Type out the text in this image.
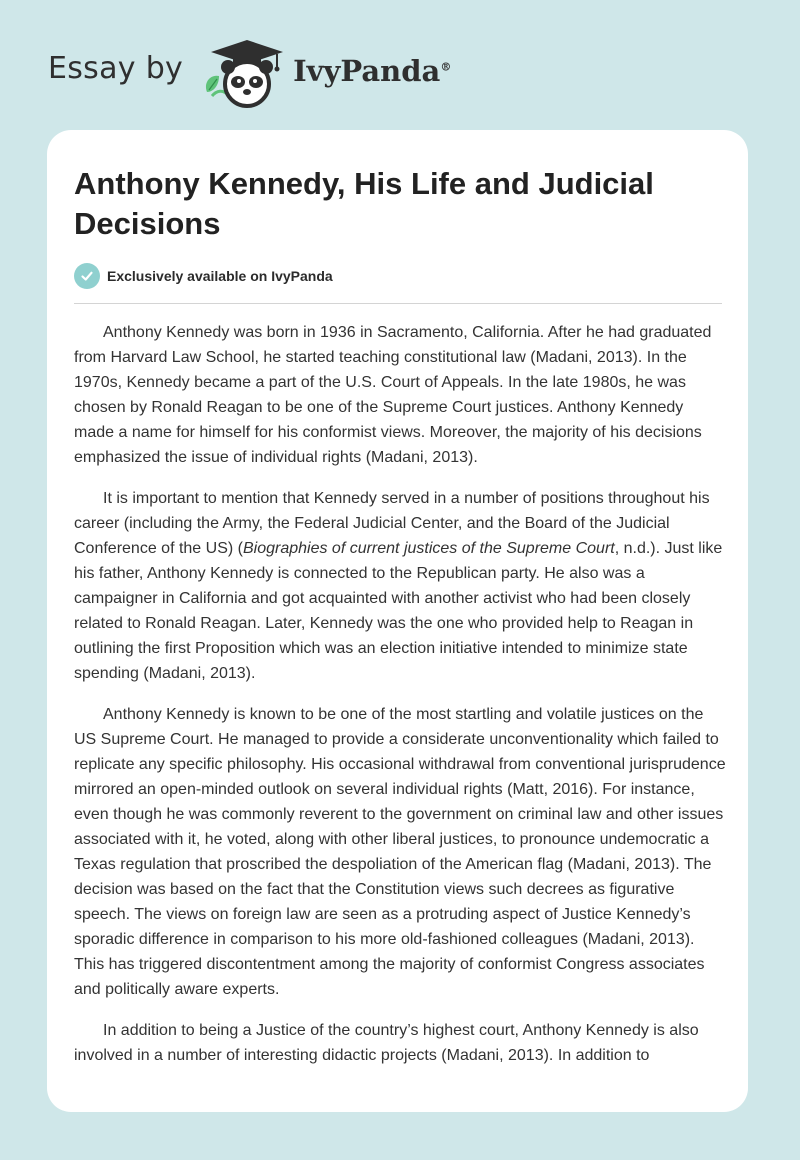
Essay by	IvyPanda®
Anthony Kennedy, His Life and Judicial Decisions
Exclusively available on IvyPanda

Anthony Kennedy was born in 1936 in Sacramento, California. After he had graduated from Harvard Law School, he started teaching constitutional law (Madani, 2013). In the 1970s, Kennedy became a part of the U.S. Court of Appeals. In the late 1980s, he was chosen by Ronald Reagan to be one of the Supreme Court justices. Anthony Kennedy made a name for himself for his conformist views. Moreover, the majority of his decisions emphasized the issue of individual rights (Madani, 2013).

It is important to mention that Kennedy served in a number of positions throughout his career (including the Army, the Federal Judicial Center, and the Board of the Judicial Conference of the US) (Biographies of current justices of the Supreme Court, n.d.). Just like his father, Anthony Kennedy is connected to the Republican party. He also was a campaigner in California and got acquainted with another activist who had been closely related to Ronald Reagan. Later, Kennedy was the one who provided help to Reagan in outlining the first Proposition which was an election initiative intended to minimize state spending (Madani, 2013).

Anthony Kennedy is known to be one of the most startling and volatile justices on the US Supreme Court. He managed to provide a considerate unconventionality which failed to replicate any specific philosophy. His occasional withdrawal from conventional jurisprudence mirrored an open-minded outlook on several individual rights (Matt, 2016). For instance, even though he was commonly reverent to the government on criminal law and other issues associated with it, he voted, along with other liberal justices, to pronounce undemocratic a Texas regulation that proscribed the despoliation of the American flag (Madani, 2013). The decision was based on the fact that the Constitution views such decrees as figurative speech. The views on foreign law are seen as a protruding aspect of Justice Kennedy’s sporadic difference in comparison to his more old-fashioned colleagues (Madani, 2013). This has triggered discontentment among the majority of conformist Congress associates and politically aware experts.

In addition to being a Justice of the country’s highest court, Anthony Kennedy is also involved in a number of interesting didactic projects (Madani, 2013). In addition to
